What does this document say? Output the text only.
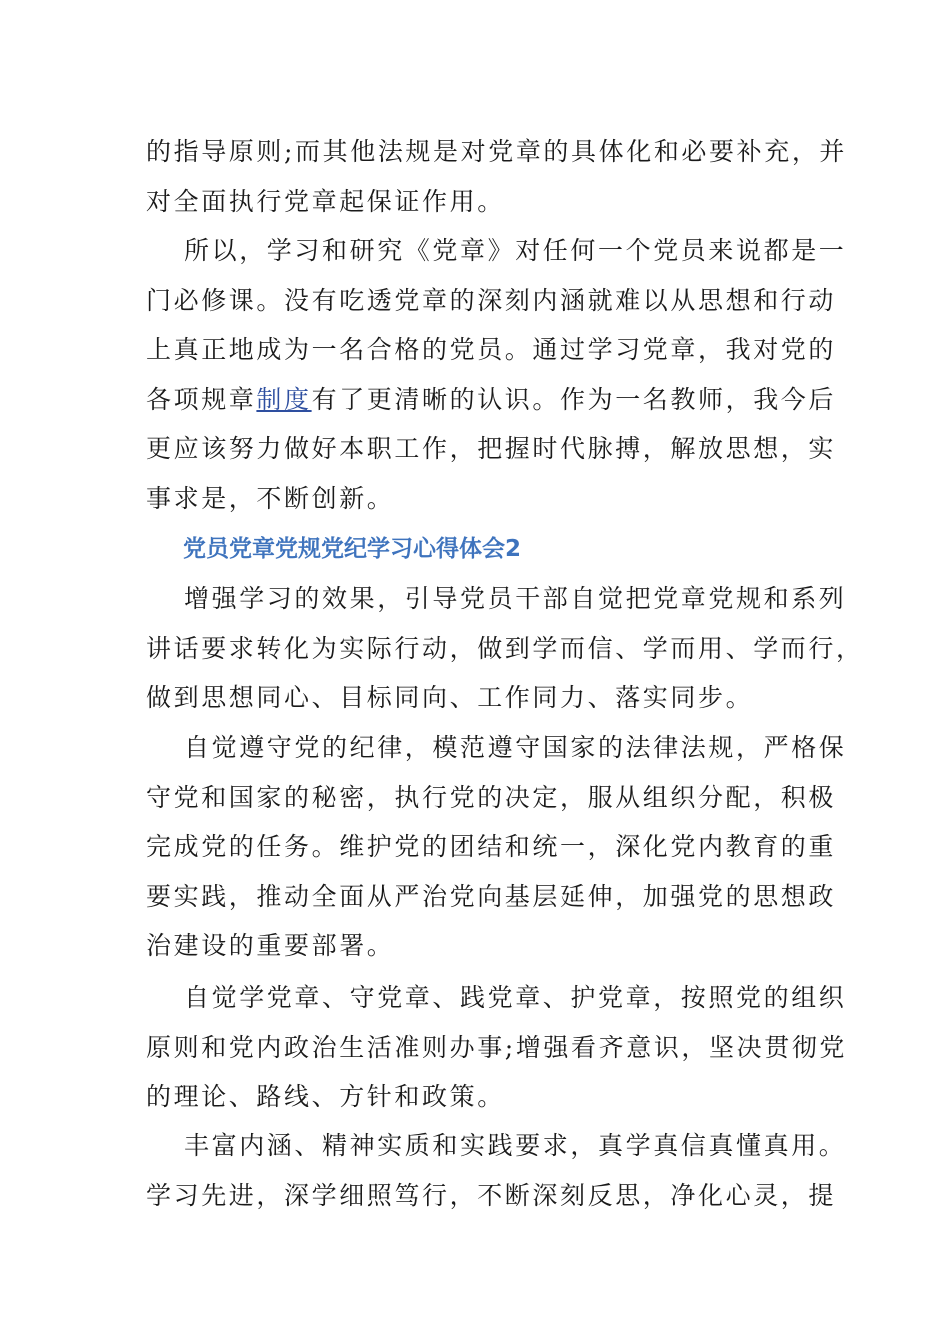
的指导原则;而其他法规是对党章的具体化和必要补充，并
对全面执行党章起保证作用。

所以，学习和研究《党章》对任何一个党员来说都是一
门必修课。没有吃透党章的深刻内涵就难以从思想和行动
上真正地成为一名合格的党员。通过学习党章，我对党的
各项规章制度有了更清晰的认识。作为一名教师，我今后
更应该努力做好本职工作，把握时代脉搏，解放思想，实
事求是，不断创新。

党员党章党规党纪学习心得体会2

增强学习的效果，引导党员干部自觉把党章党规和系列
讲话要求转化为实际行动，做到学而信、学而用、学而行，
做到思想同心、目标同向、工作同力、落实同步。

自觉遵守党的纪律，模范遵守国家的法律法规，严格保
守党和国家的秘密，执行党的决定，服从组织分配，积极
完成党的任务。维护党的团结和统一，深化党内教育的重
要实践，推动全面从严治党向基层延伸，加强党的思想政
治建设的重要部署。

自觉学党章、守党章、践党章、护党章，按照党的组织
原则和党内政治生活准则办事;增强看齐意识，坚决贯彻党
的理论、路线、方针和政策。

丰富内涵、精神实质和实践要求，真学真信真懂真用。
学习先进，深学细照笃行，不断深刻反思，净化心灵，提
